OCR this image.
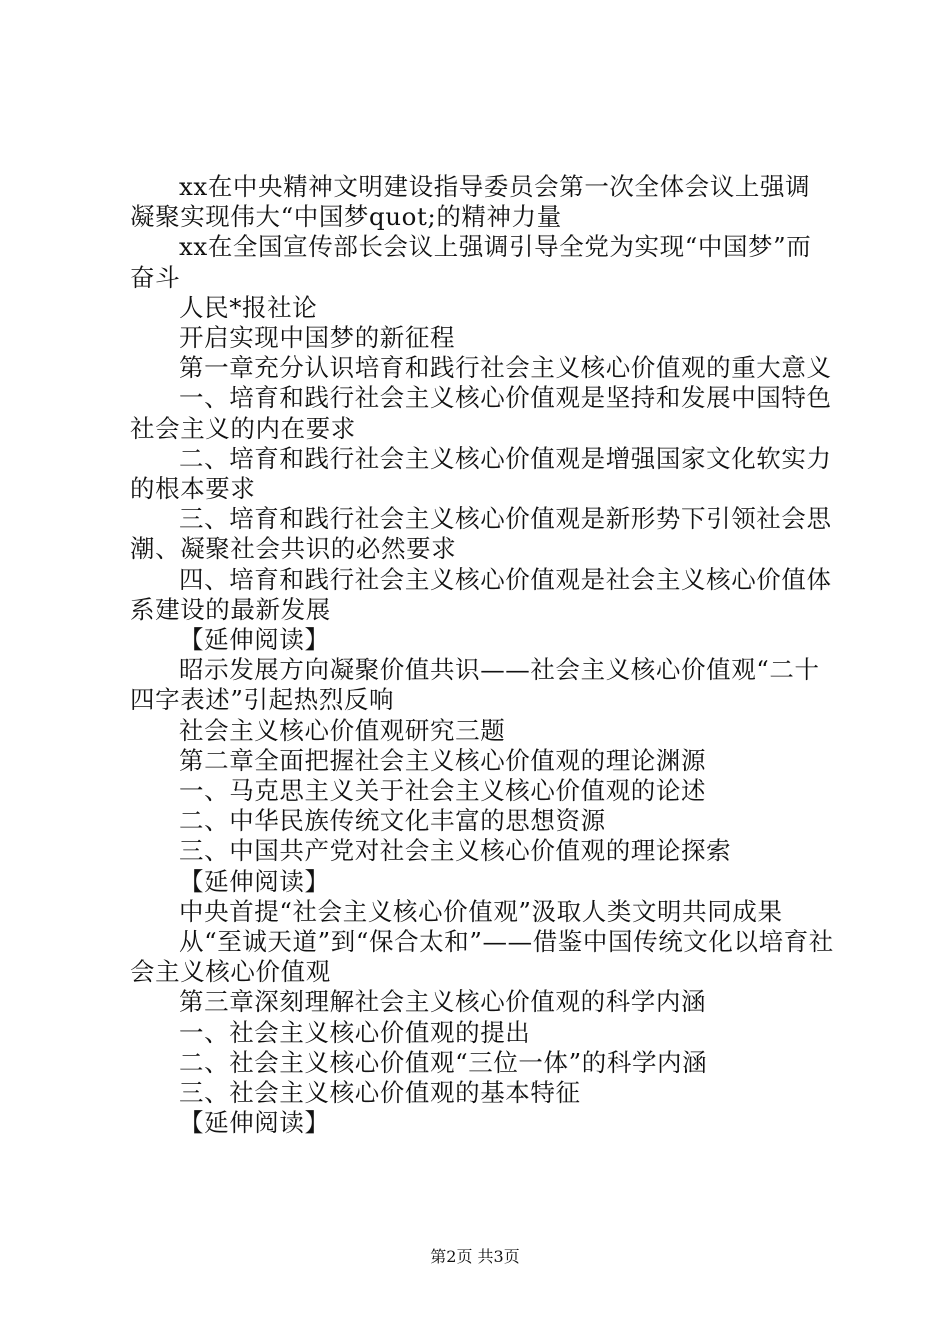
xx在中央精神文明建设指导委员会第一次全体会议上强调凝聚实现伟大“中国梦quot;的精神力量

xx在全国宣传部长会议上强调引导全党为实现“中国梦”而奋斗

人民*报社论

开启实现中国梦的新征程

第一章充分认识培育和践行社会主义核心价值观的重大意义

一、培育和践行社会主义核心价值观是坚持和发展中国特色社会主义的内在要求

二、培育和践行社会主义核心价值观是增强国家文化软实力的根本要求

三、培育和践行社会主义核心价值观是新形势下引领社会思潮、凝聚社会共识的必然要求

四、培育和践行社会主义核心价值观是社会主义核心价值体系建设的最新发展

【延伸阅读】

昭示发展方向凝聚价值共识——社会主义核心价值观“二十四字表述”引起热烈反响

社会主义核心价值观研究三题

第二章全面把握社会主义核心价值观的理论渊源

一、马克思主义关于社会主义核心价值观的论述

二、中华民族传统文化丰富的思想资源

三、中国共产党对社会主义核心价值观的理论探索

【延伸阅读】

中央首提“社会主义核心价值观”汲取人类文明共同成果

从“至诚天道”到“保合太和”——借鉴中国传统文化以培育社会主义核心价值观

第三章深刻理解社会主义核心价值观的科学内涵

一、社会主义核心价值观的提出

二、社会主义核心价值观“三位一体”的科学内涵

三、社会主义核心价值观的基本特征

【延伸阅读】

第2页 共3页
